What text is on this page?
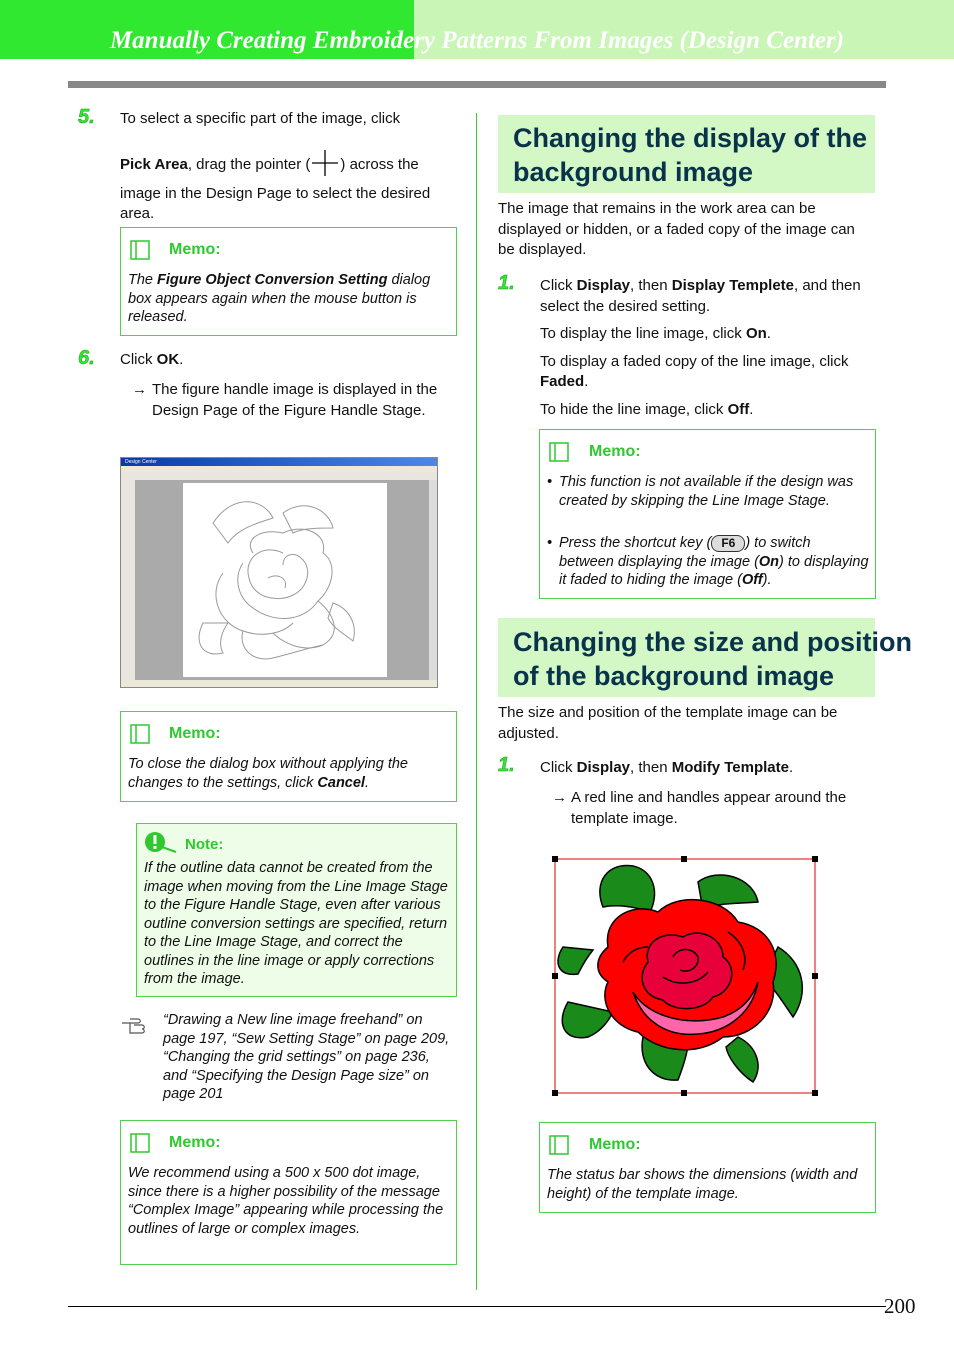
Manually Creating Embroidery Patterns From Images (Design Center)
5. To select a specific part of the image, click
Pick Area, drag the pointer ( ) across the
image in the Design Page to select the desired area.
Memo:
The Figure Object Conversion Setting dialog box appears again when the mouse button is released.
6. Click OK.
→ The figure handle image is displayed in the Design Page of the Figure Handle Stage.
Design Center
Memo:
To close the dialog box without applying the changes to the settings, click Cancel.
Note:
If the outline data cannot be created from the image when moving from the Line Image Stage to the Figure Handle Stage, even after various outline conversion settings are specified, return to the Line Image Stage, and correct the outlines in the line image or apply corrections from the image.
“Drawing a New line image freehand” on page 197, “Sew Setting Stage” on page 209, “Changing the grid settings” on page 236, and “Specifying the Design Page size” on page 201
Memo:
We recommend using a 500 x 500 dot image, since there is a higher possibility of the message “Complex Image” appearing while processing the outlines of large or complex images.
Changing the display of the
background image
The image that remains in the work area can be displayed or hidden, or a faded copy of the image can be displayed.
1. Click Display, then Display Templete, and then select the desired setting.
To display the line image, click On.
To display a faded copy of the line image, click Faded.
To hide the line image, click Off.
Memo:
• This function is not available if the design was created by skipping the Line Image Stage.
• Press the shortcut key ( F6 ) to switch between displaying the image (On) to displaying it faded to hiding the image (Off).
Changing the size and position
of the background image
The size and position of the template image can be adjusted.
1. Click Display, then Modify Template.
→ A red line and handles appear around the template image.
Memo:
The status bar shows the dimensions (width and height) of the template image.
200
